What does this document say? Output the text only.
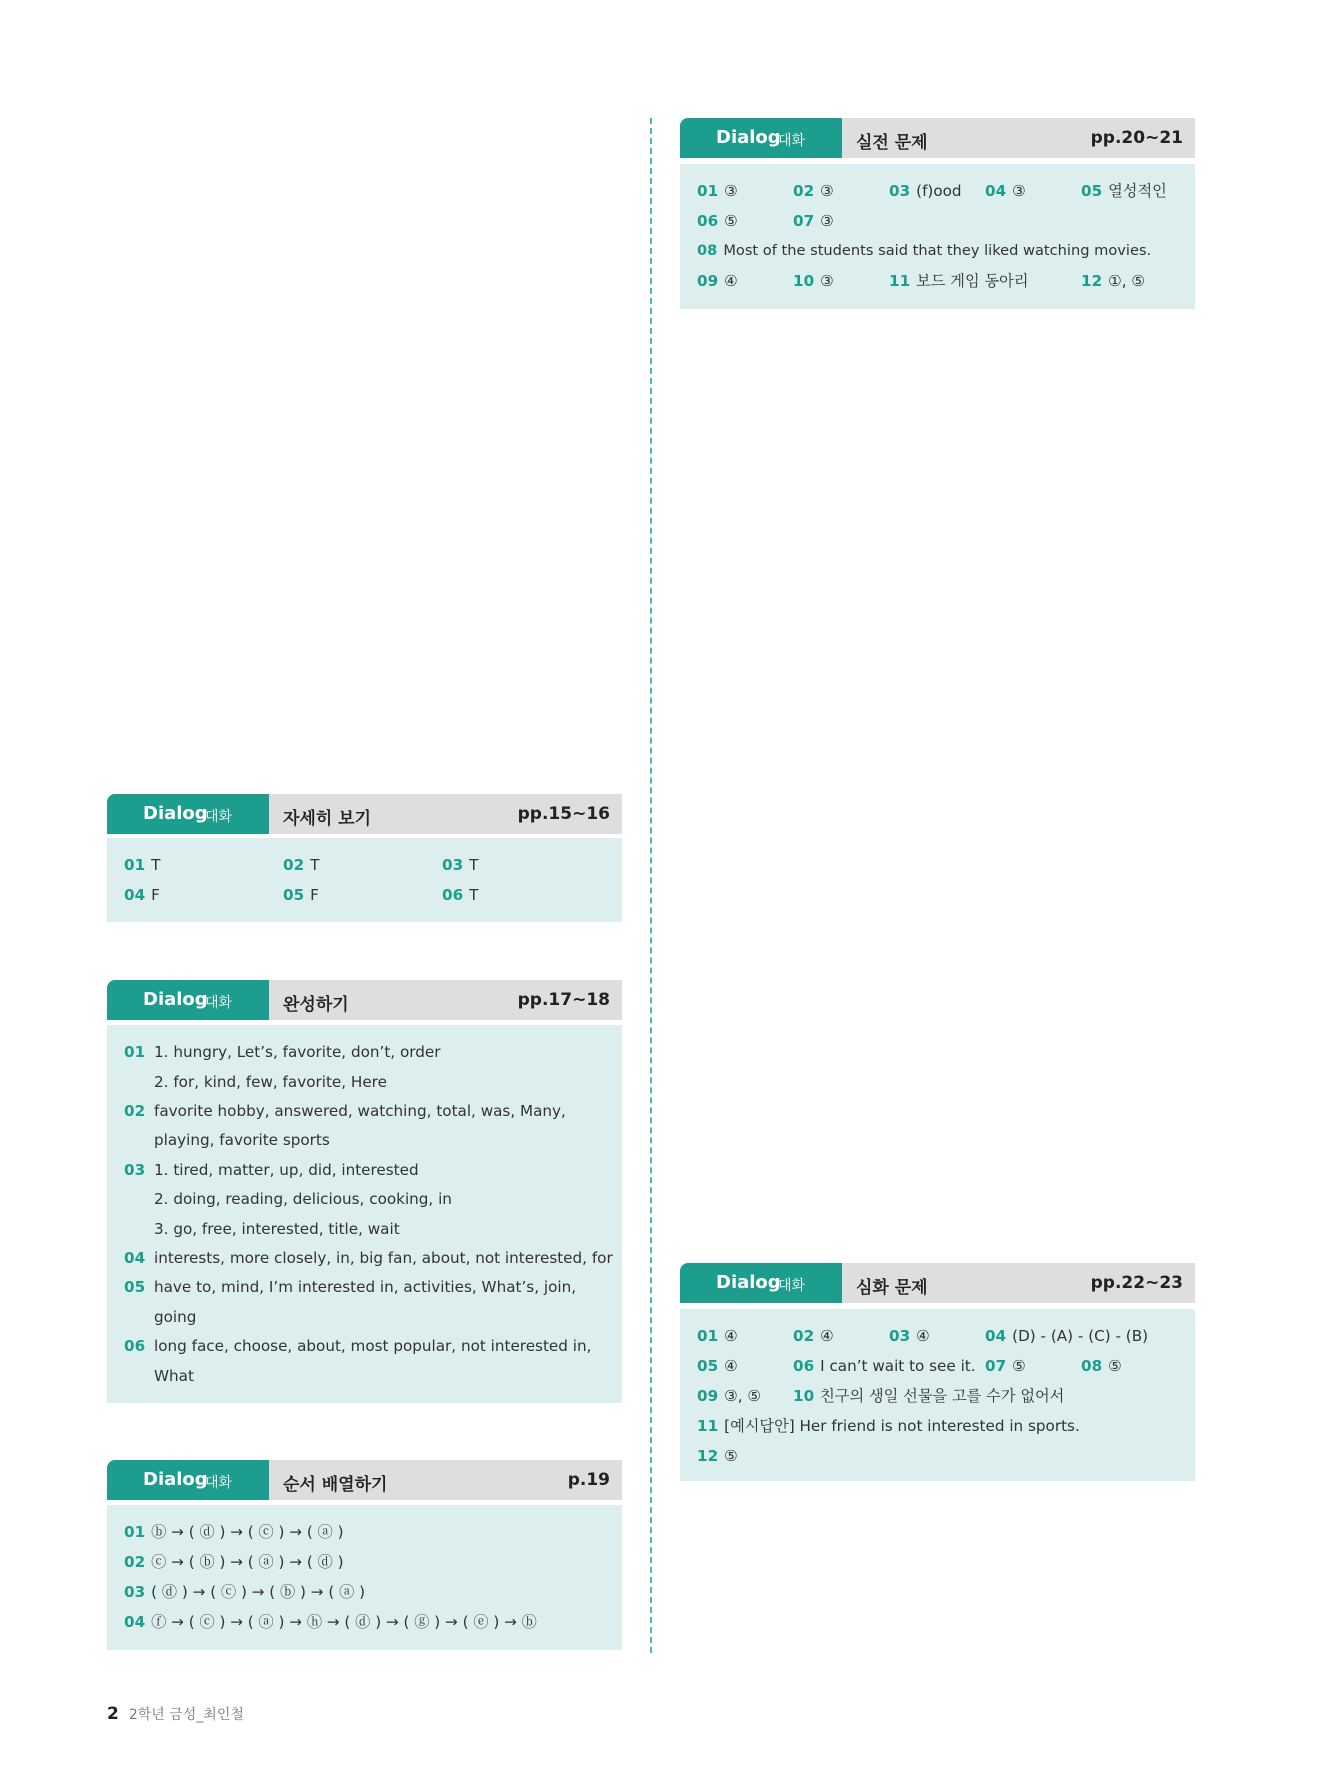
Dialog
대화	자세히 보기	pp.15~16
01 T	02 T	03 T
04 F	05 F	06 T
Dialog
대화	완성하기	pp.17~18
01 1. hungry, Let’s, favorite, don’t, order
2. for, kind, few, favorite, Here
02 favorite hobby, answered, watching, total, was, Many,
playing, favorite sports
03 1. tired, matter, up, did, interested
2. doing, reading, delicious, cooking, in
3. go, free, interested, title, wait
04 interests, more closely, in, big fan, about, not interested, for
05 have to, mind, I’m interested in, activities, What’s, join,
going
06 long face, choose, about, most popular, not interested in,
What
Dialog
대화	순서 배열하기	p.19
01 ⓑ → ( ⓓ ) → ( ⓒ ) → ( ⓐ )
02 ⓒ → ( ⓑ ) → ( ⓐ ) → ( ⓓ )
03 ( ⓓ ) → ( ⓒ ) → ( ⓑ ) → ( ⓐ )
04 ⓕ → ( ⓒ ) → ( ⓐ ) → ⓗ → ( ⓓ ) → ( ⓖ ) → ( ⓔ ) → ⓑ
Dialog
대화	실전 문제	pp.20~21
01 ③	02 ③	03 (f)ood 04 ③	05 열성적인
06 ⑤	07 ③
08 Most of the students said that they liked watching movies.
09 ④	10 ③	11 보드 게임 동아리	12 ①, ⑤
Dialog
대화	심화 문제	pp.22~23
01 ④	02 ④	03 ④	04 (D) - (A) - (C) - (B)
05 ④	06 I can’t wait to see it. 07 ⑤	08 ⑤
09 ③, ⑤ 10 친구의 생일 선물을 고를 수가 없어서
11 [예시답안] Her friend is not interested in sports.
12 ⑤
2 2학년 금성_최인철
